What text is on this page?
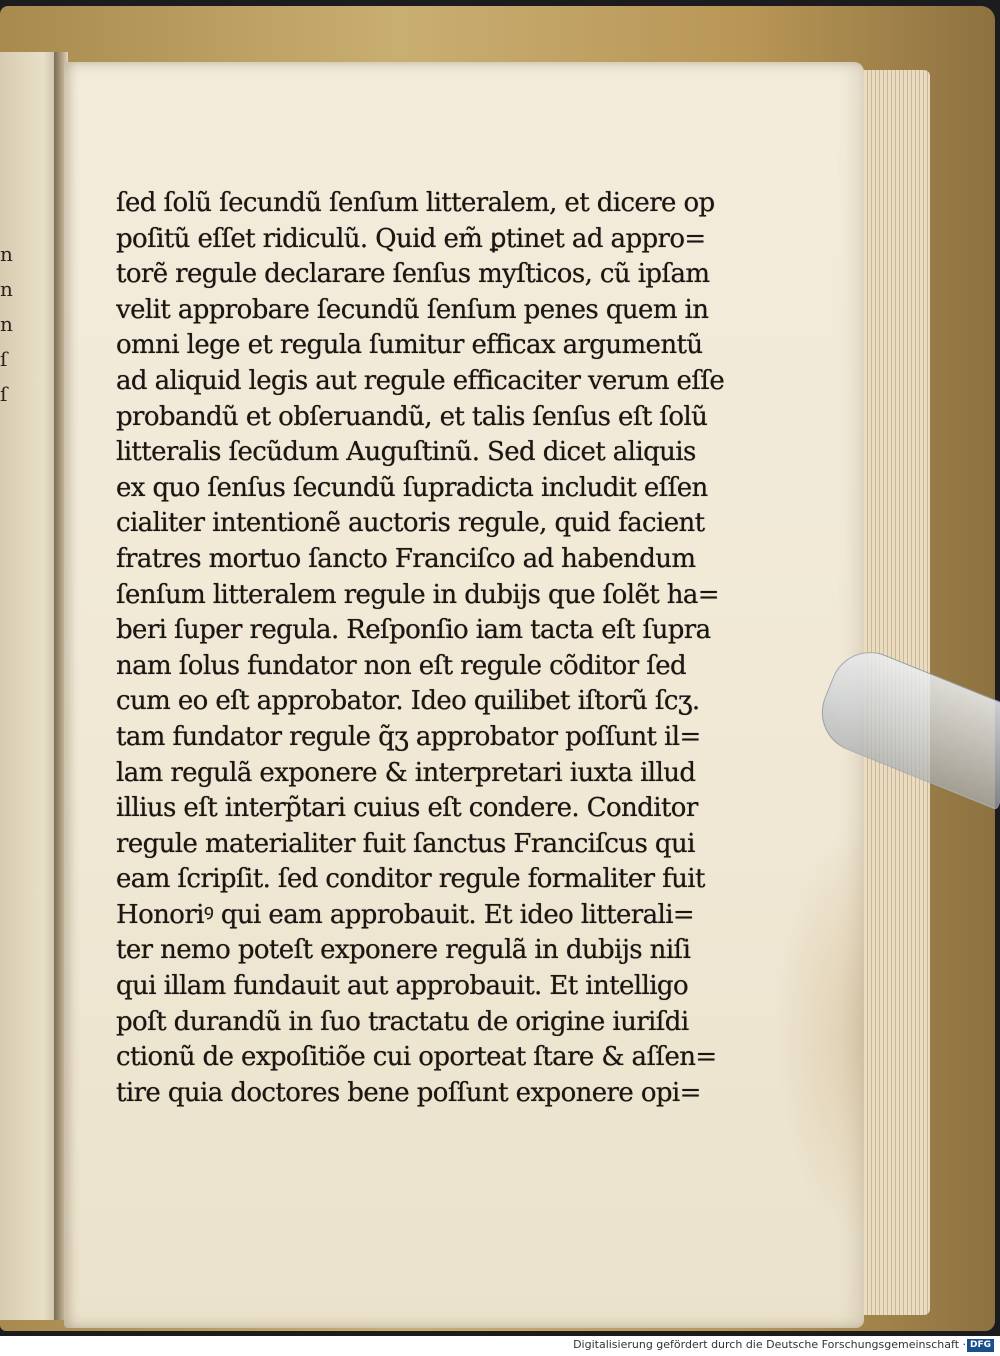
n
n
n
ſ
ſ
ſed ſolũ ſecundũ ſenſum litteralem, et dicere op
poſitũ eſſet ridiculũ. Quid em̃ ꝑtinet ad appro=
torẽ regule declarare ſenſus myſticos, cũ ipſam
velit approbare ſecundũ ſenſum penes quem in
omni lege et regula ſumitur efficax argumentũ
ad aliquid legis aut regule efficaciter verum eſſe
probandũ et obſeruandũ, et talis ſenſus eſt ſolũ
litteralis ſecũdum Auguſtinũ. Sed dicet aliquis
ex quo ſenſus ſecundũ ſupradicta includit eſſen
cialiter intentionẽ auctoris regule, quid facient
fratres mortuo ſancto Franciſco ad habendum
ſenſum litteralem regule in dubijs que ſolẽt ha=
beri ſuper regula. Reſponſio iam tacta eſt ſupra
nam ſolus fundator non eſt regule cõditor ſed
cum eo eſt approbator. Ideo quilibet iſtorũ ſcʒ.
tam fundator regule q̃ʒ approbator poſſunt il=
lam regulã exponere & interpretari iuxta illud
illius eſt interp̃tari cuius eſt condere. Conditor
regule materialiter fuit ſanctus Franciſcus qui
eam ſcripſit. ſed conditor regule formaliter fuit
Honoriꝰ qui eam approbauit. Et ideo litterali=
ter nemo poteſt exponere regulã in dubijs niſi
qui illam fundauit aut approbauit. Et intelligo
poſt durandũ in ſuo tractatu de origine iuriſdi
ctionũ de expoſitiõe cui oporteat ſtare & aſſen=
tire quia doctores bene poſſunt exponere opi=
Digitalisierung gefördert durch die Deutsche Forschungsgemeinschaft · DFG
